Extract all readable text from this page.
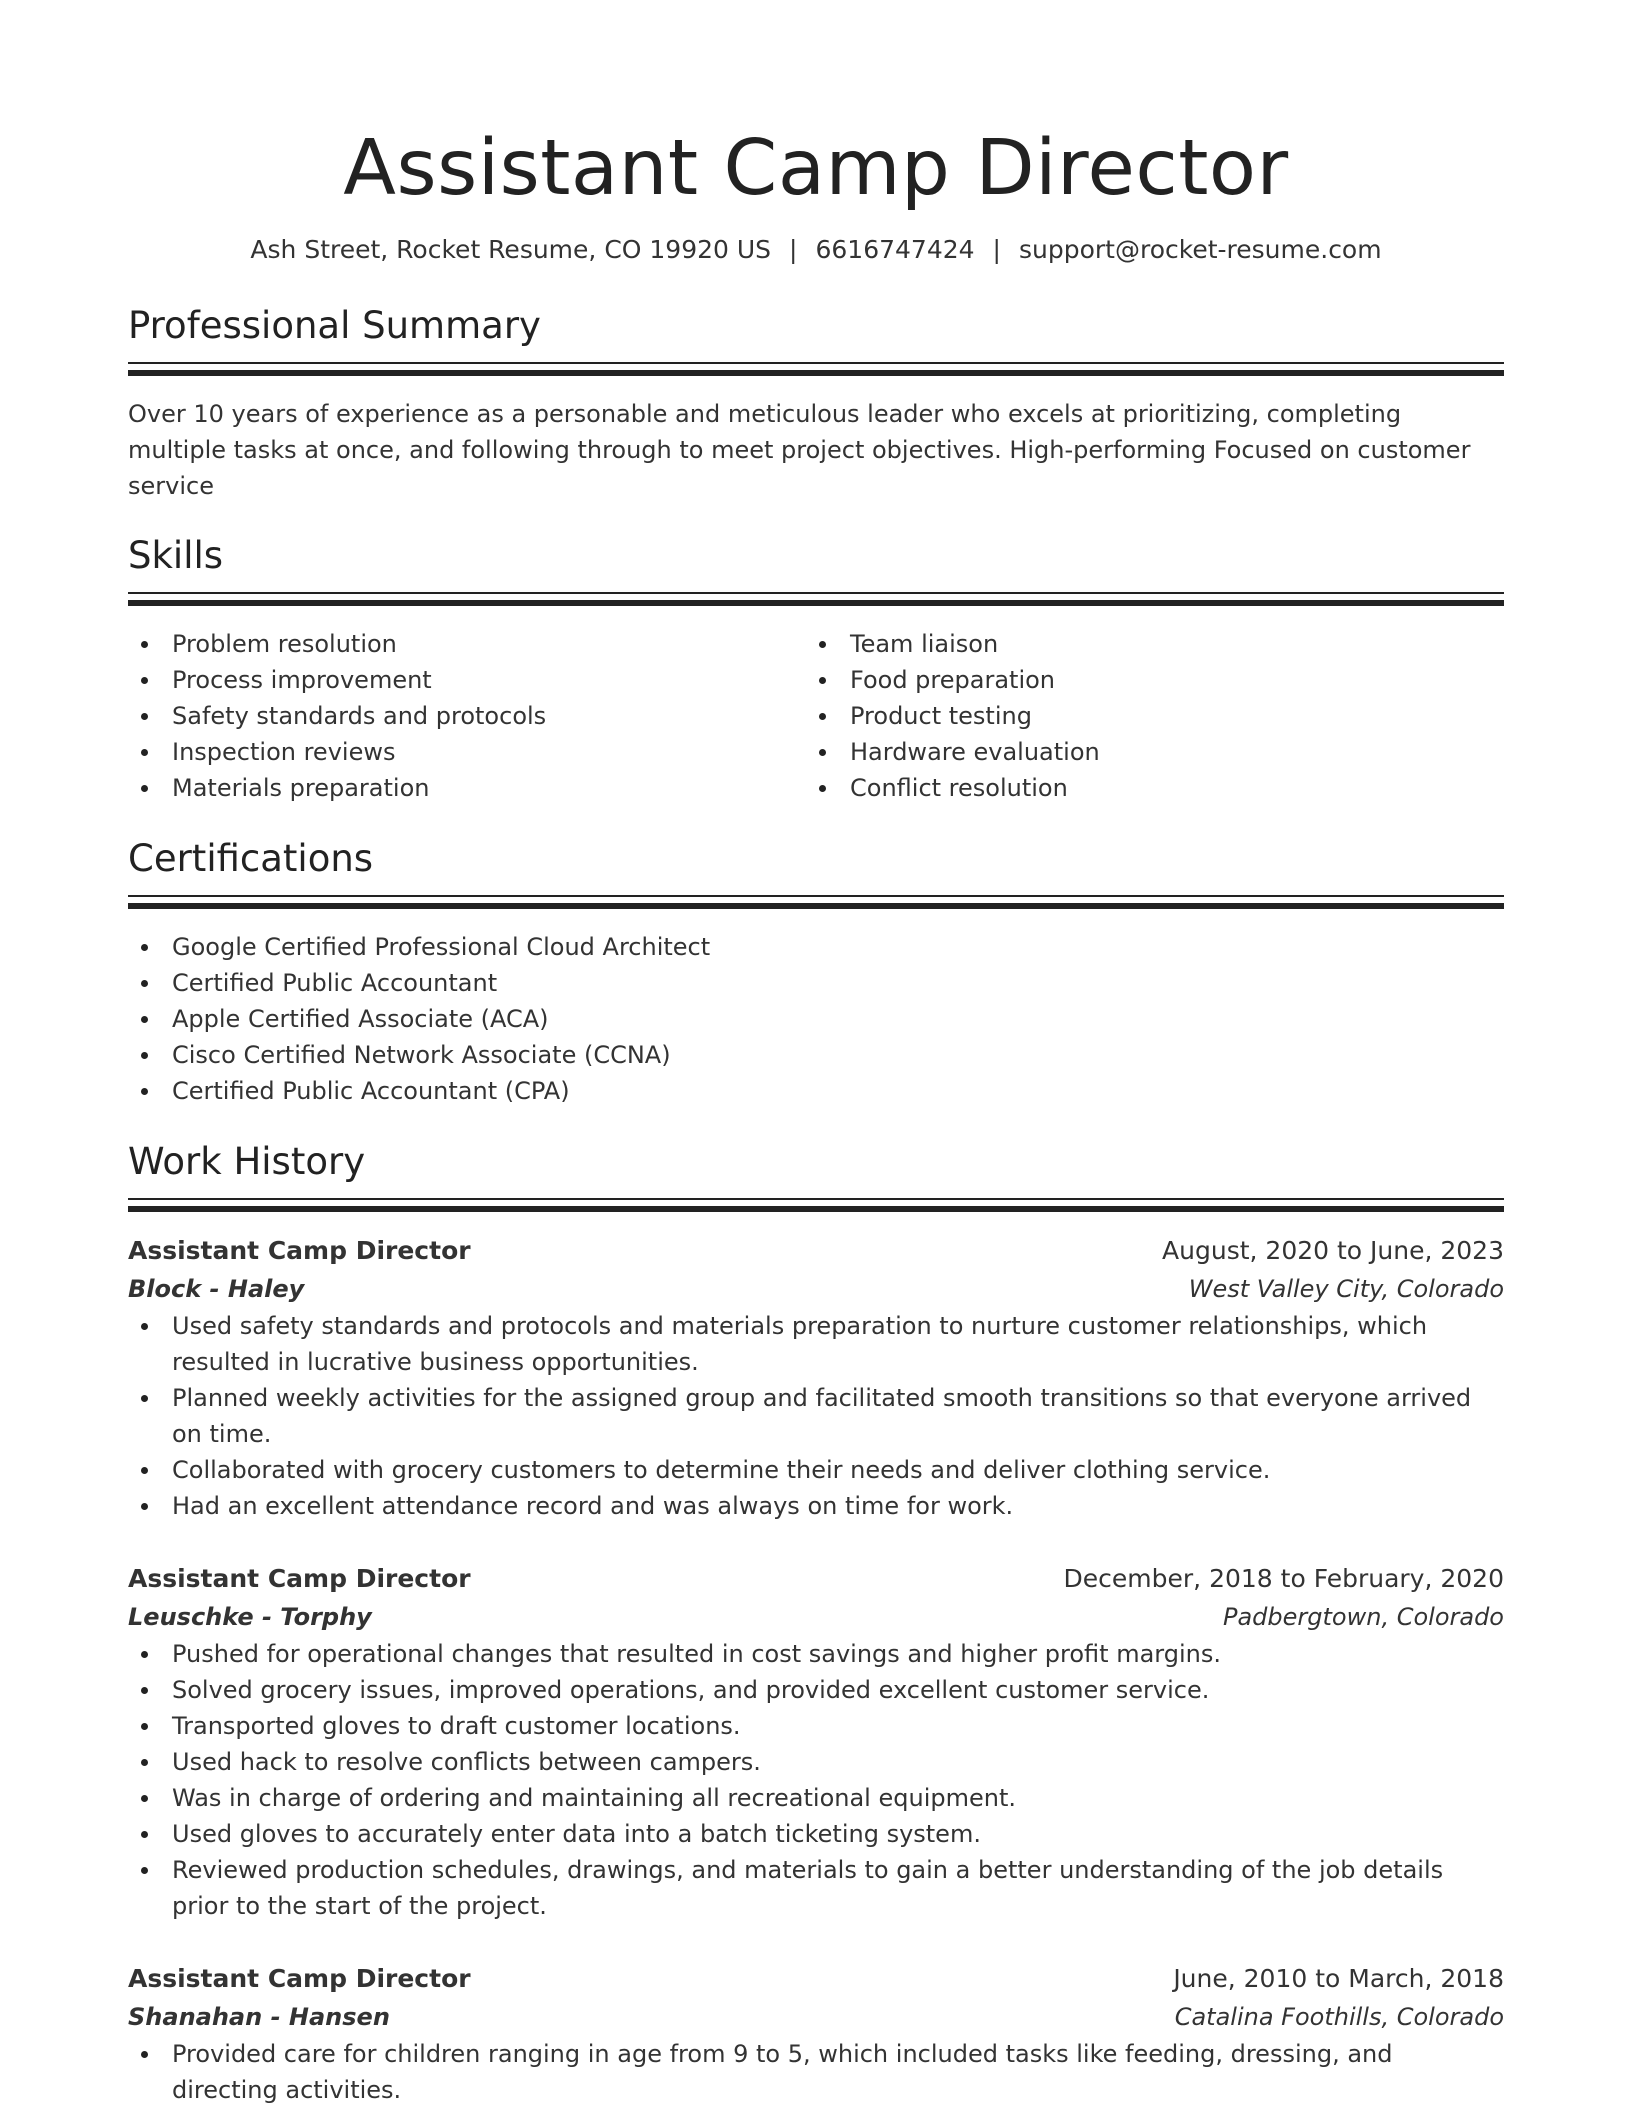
Assistant Camp Director
Ash Street, Rocket Resume, CO 19920 US | 6616747424 | support@rocket-resume.com
Professional Summary

Over 10 years of experience as a personable and meticulous leader who excels at prioritizing, completing multiple tasks at once, and following through to meet project objectives. High-performing Focused on customer service

Skills
Problem resolution
Process improvement
Safety standards and protocols
Inspection reviews
Materials preparation
Team liaison
Food preparation
Product testing
Hardware evaluation
Conflict resolution
Certifications
Google Certified Professional Cloud Architect
Certified Public Accountant
Apple Certified Associate (ACA)
Cisco Certified Network Associate (CCNA)
Certified Public Accountant (CPA)
Work History
Assistant Camp Director	August, 2020 to June, 2023
Block - Haley	West Valley City, Colorado
Used safety standards and protocols and materials preparation to nurture customer relationships, which resulted in lucrative business opportunities.
Planned weekly activities for the assigned group and facilitated smooth transitions so that everyone arrived on time.
Collaborated with grocery customers to determine their needs and deliver clothing service.
Had an excellent attendance record and was always on time for work.
Assistant Camp Director	December, 2018 to February, 2020
Leuschke - Torphy	Padbergtown, Colorado
Pushed for operational changes that resulted in cost savings and higher profit margins.
Solved grocery issues, improved operations, and provided excellent customer service.
Transported gloves to draft customer locations.
Used hack to resolve conflicts between campers.
Was in charge of ordering and maintaining all recreational equipment.
Used gloves to accurately enter data into a batch ticketing system.
Reviewed production schedules, drawings, and materials to gain a better understanding of the job details prior to the start of the project.
Assistant Camp Director	June, 2010 to March, 2018
Shanahan - Hansen	Catalina Foothills, Colorado
Provided care for children ranging in age from 9 to 5, which included tasks like feeding, dressing, and directing activities.
